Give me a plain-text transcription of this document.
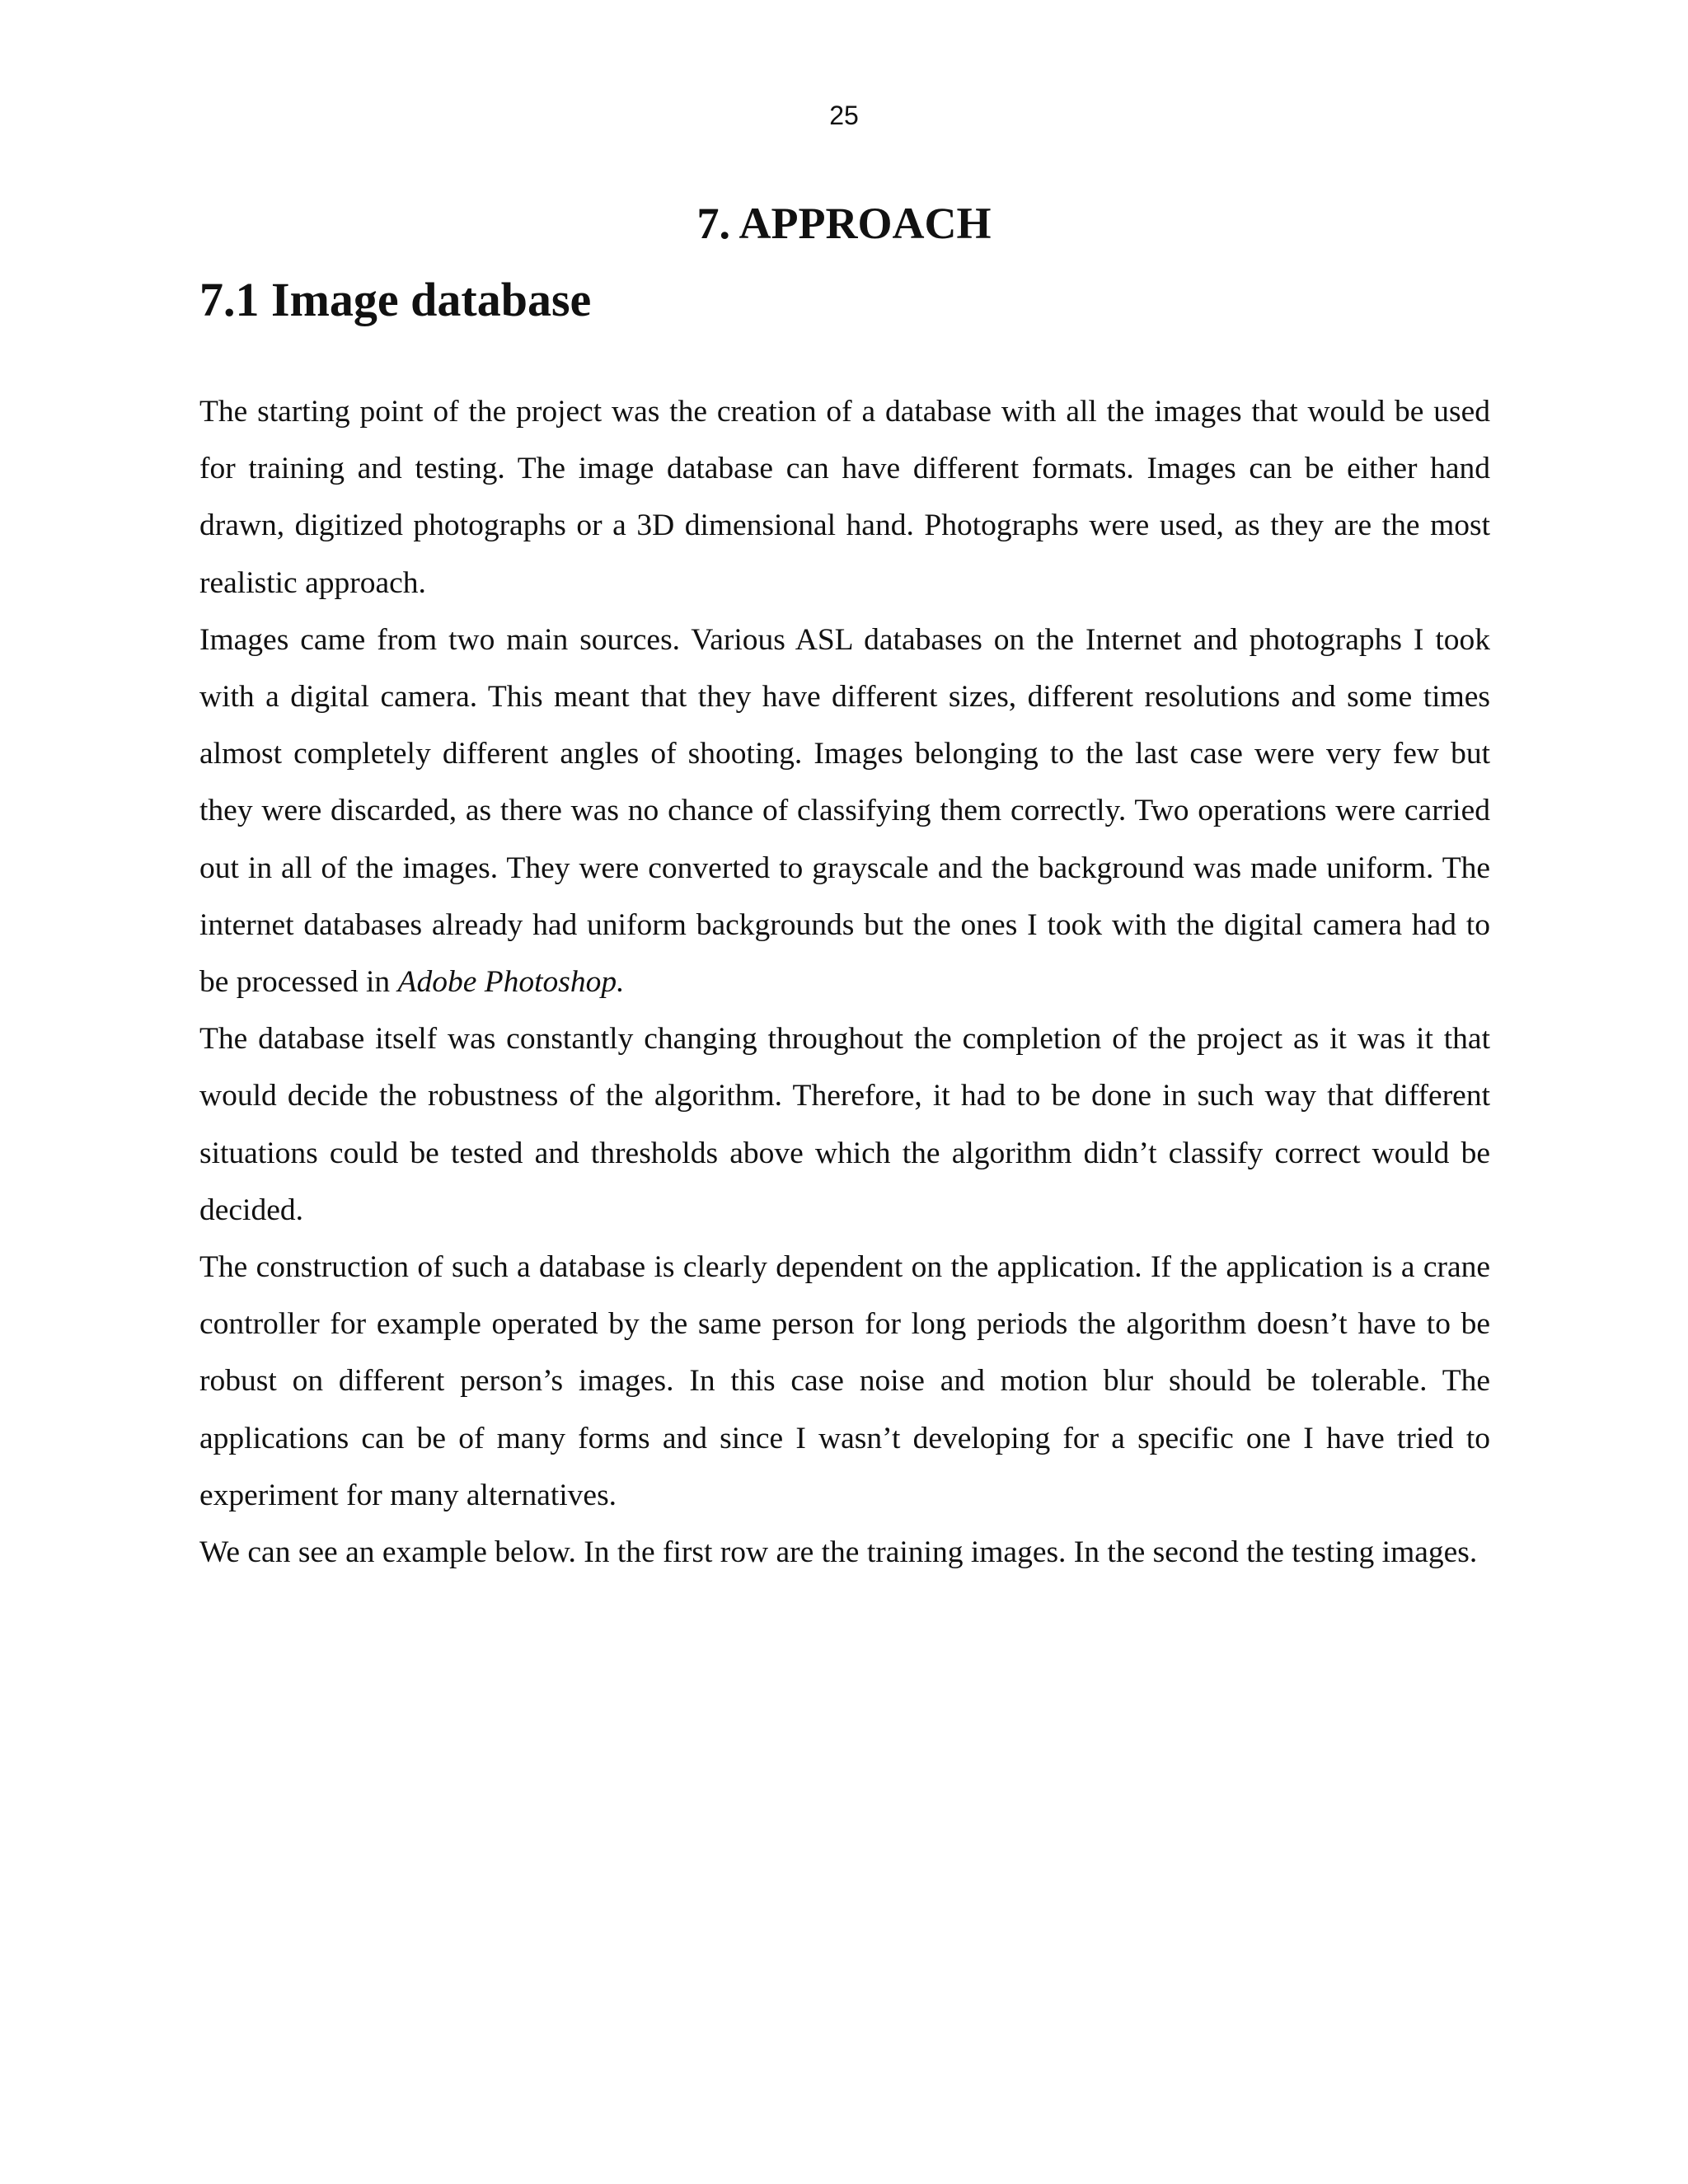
25
7. APPROACH
7.1 Image database

The starting point of the project was the creation of a database with all the images that would be used for training and testing. The image database can have different formats. Images can be either hand drawn, digitized photographs or a 3D dimensional hand. Photographs were used, as they are the most realistic approach.

Images came from two main sources. Various ASL databases on the Internet and photographs I took with a digital camera. This meant that they have different sizes, different resolutions and some times almost completely different angles of shooting. Images belonging to the last case were very few but they were discarded, as there was no chance of classifying them correctly. Two operations were carried out in all of the images. They were converted to grayscale and the background was made uniform. The internet databases already had uniform backgrounds but the ones I took with the digital camera had to be processed in Adobe Photoshop.

The database itself was constantly changing throughout the completion of the project as it was it that would decide the robustness of the algorithm. Therefore, it had to be done in such way that different situations could be tested and thresholds above which the algorithm didn’t classify correct would be decided.

The construction of such a database is clearly dependent on the application. If the application is a crane controller for example operated by the same person for long periods the algorithm doesn’t have to be robust on different person’s images. In this case noise and motion blur should be tolerable. The applications can be of many forms and since I wasn’t developing for a specific one I have tried to experiment for many alternatives.

We can see an example below. In the first row are the training images. In the second the testing images.
